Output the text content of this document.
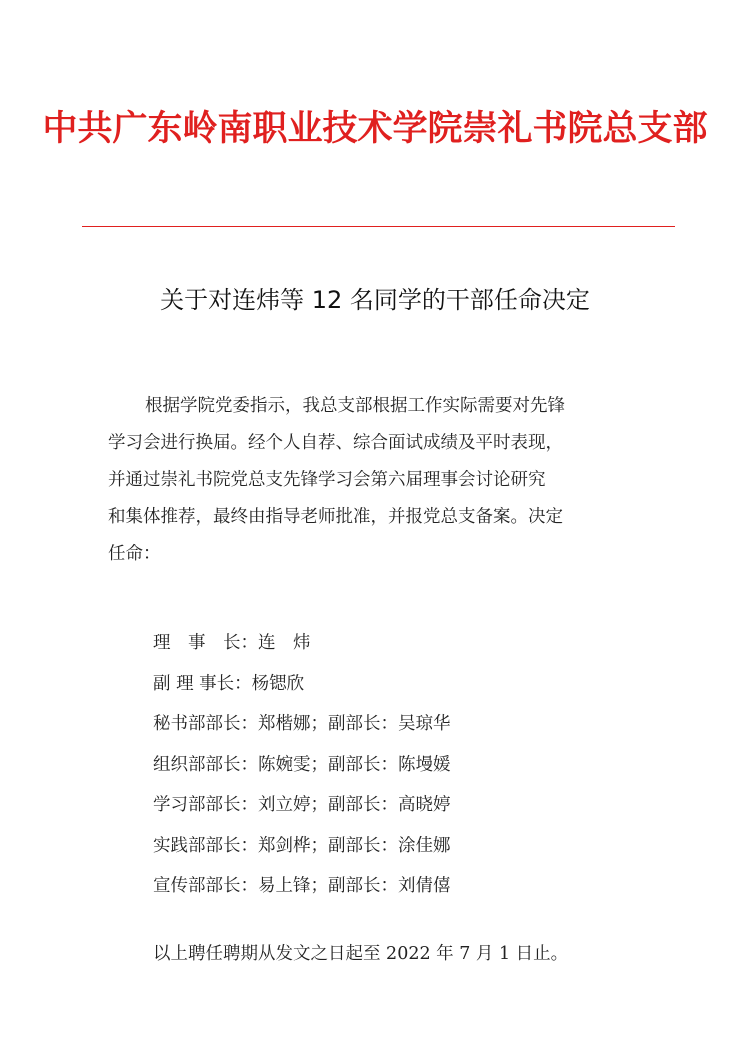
中共广东岭南职业技术学院崇礼书院总支部
关于对连炜等 12 名同学的干部任命决定
根据学院党委指示，我总支部根据工作实际需要对先锋
学习会进行换届。经个人自荐、综合面试成绩及平时表现，
并通过崇礼书院党总支先锋学习会第六届理事会讨论研究
和集体推荐，最终由指导老师批准，并报党总支备案。决定
任命：
理　事　长：连　炜
副 理 事长：杨锶欣
秘书部部长：郑楷娜；副部长：吴琼华
组织部部长：陈婉雯；副部长：陈墁媛
学习部部长：刘立婷；副部长：高晓婷
实践部部长：郑剑桦；副部长：涂佳娜
宣传部部长：易上锋；副部长：刘倩僖
以上聘任聘期从发文之日起至 2022 年 7 月 1 日止。
